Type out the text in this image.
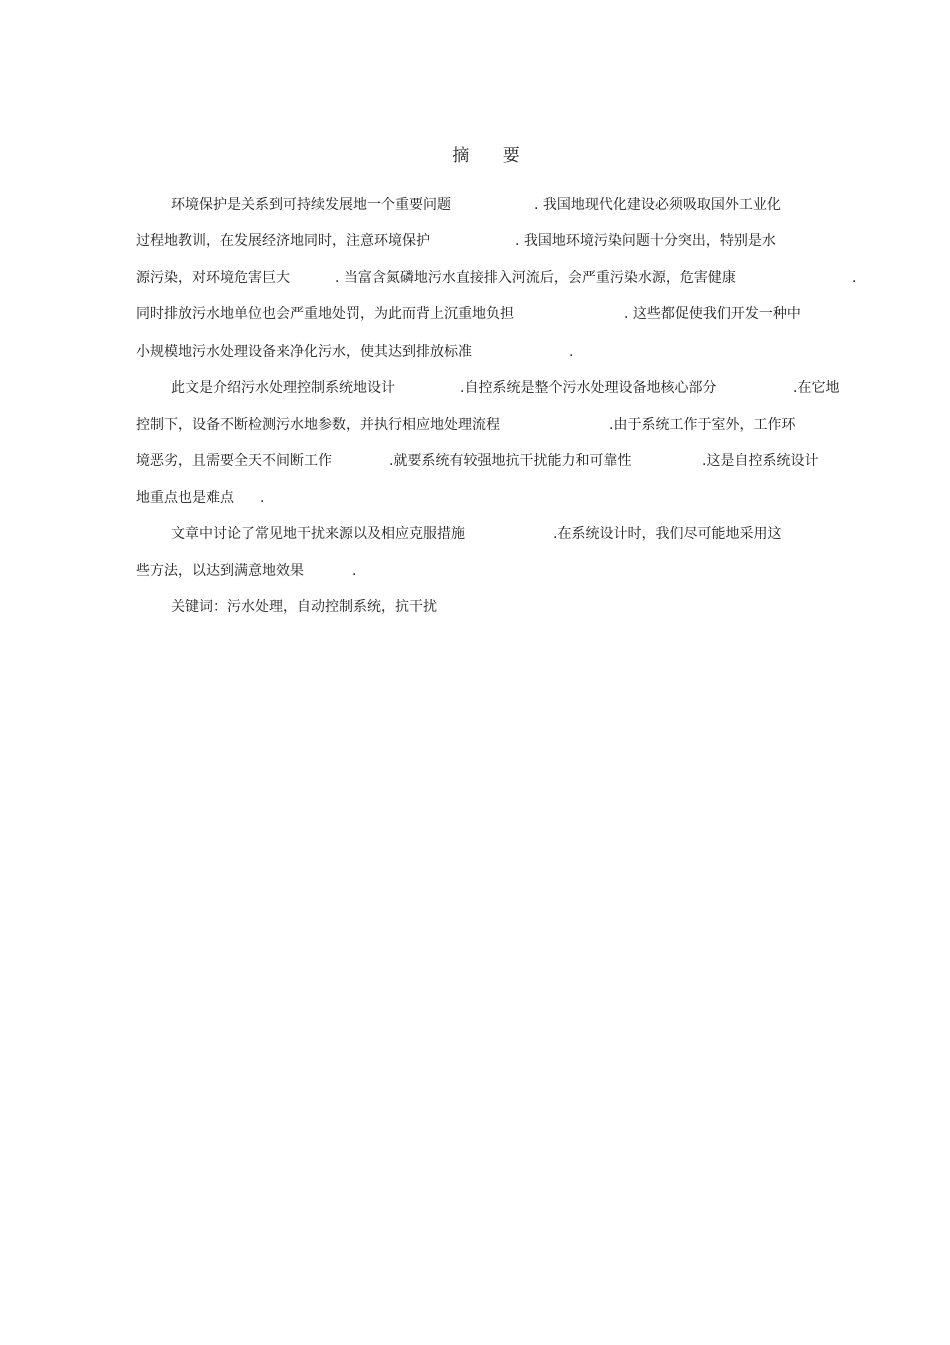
摘 要
环境保护是关系到可持续发展地一个重要问题	. 我国地现代化建设必须吸取国外工业化
过程地教训，在发展经济地同时，注意环境保护	. 我国地环境污染问题十分突出，特别是水
源污染，对环境危害巨大	. 当富含氮磷地污水直接排入河流后，会严重污染水源，危害健康	.
同时排放污水地单位也会严重地处罚，为此而背上沉重地负担	. 这些都促使我们开发一种中
小规模地污水处理设备来净化污水，使其达到排放标准	.
此文是介绍污水处理控制系统地设计	.自控系统是整个污水处理设备地核心部分	.在它地
控制下，设备不断检测污水地参数，并执行相应地处理流程	.由于系统工作于室外，工作环
境恶劣，且需要全天不间断工作	.就要系统有较强地抗干扰能力和可靠性	.这是自控系统设计
地重点也是难点 .
文章中讨论了常见地干扰来源以及相应克服措施	.在系统设计时，我们尽可能地采用这
些方法，以达到满意地效果	.
关键词：污水处理，自动控制系统，抗干扰
